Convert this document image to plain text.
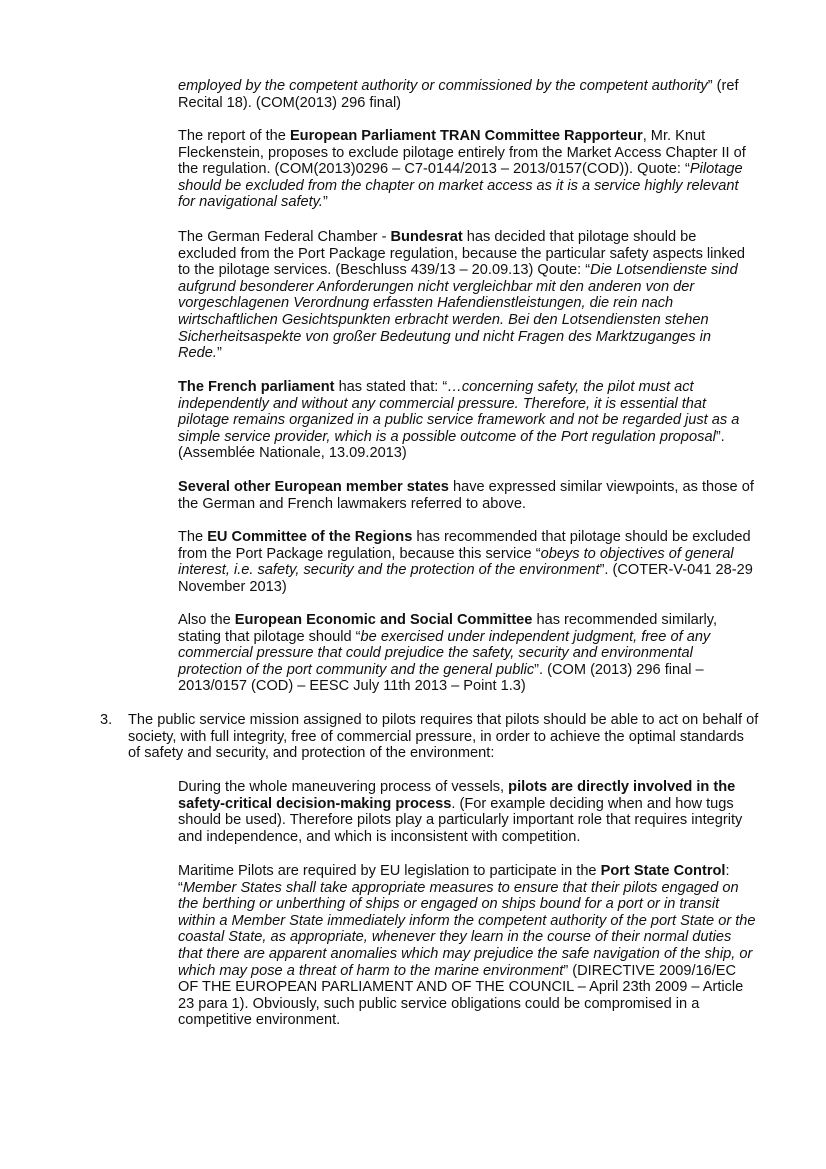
employed by the competent authority or commissioned by the competent authority” (ref Recital 18). (COM(2013) 296 final)

The report of the European Parliament TRAN Committee Rapporteur, Mr. Knut Fleckenstein, proposes to exclude pilotage entirely from the Market Access Chapter II of the regulation. (COM(2013)0296 – C7-0144/2013 – 2013/0157(COD)). Quote: “Pilotage should be excluded from the chapter on market access as it is a service highly relevant for navigational safety.”

The German Federal Chamber - Bundesrat has decided that pilotage should be excluded from the Port Package regulation, because the particular safety aspects linked to the pilotage services. (Beschluss 439/13 – 20.09.13) Qoute: “Die Lotsendienste sind aufgrund besonderer Anforderungen nicht vergleichbar mit den anderen von der vorgeschlagenen Verordnung erfassten Hafendienstleistungen, die rein nach wirtschaftlichen Gesichtspunkten erbracht werden. Bei den Lotsendiensten stehen Sicherheitsaspekte von großer Bedeutung und nicht Fragen des Marktzuganges in Rede.”

The French parliament has stated that: “…concerning safety, the pilot must act independently and without any commercial pressure. Therefore, it is essential that pilotage remains organized in a public service framework and not be regarded just as a simple service provider, which is a possible outcome of the Port regulation proposal”. (Assemblée Nationale, 13.09.2013)

Several other European member states have expressed similar viewpoints, as those of the German and French lawmakers referred to above.

The EU Committee of the Regions has recommended that pilotage should be excluded from the Port Package regulation, because this service “obeys to objectives of general interest, i.e. safety, security and the protection of the environment”. (COTER-V-041 28-29 November 2013)

Also the European Economic and Social Committee has recommended similarly, stating that pilotage should “be exercised under independent judgment, free of any commercial pressure that could prejudice the safety, security and environmental protection of the port community and the general public”. (COM (2013) 296 final – 2013/0157 (COD) – EESC July 11th 2013 – Point 1.3)

3. The public service mission assigned to pilots requires that pilots should be able to act on behalf of society, with full integrity, free of commercial pressure, in order to achieve the optimal standards of safety and security, and protection of the environment:

During the whole maneuvering process of vessels, pilots are directly involved in the safety-critical decision-making process. (For example deciding when and how tugs should be used). Therefore pilots play a particularly important role that requires integrity and independence, and which is inconsistent with competition.

Maritime Pilots are required by EU legislation to participate in the Port State Control: “Member States shall take appropriate measures to ensure that their pilots engaged on the berthing or unberthing of ships or engaged on ships bound for a port or in transit within a Member State immediately inform the competent authority of the port State or the coastal State, as appropriate, whenever they learn in the course of their normal duties that there are apparent anomalies which may prejudice the safe navigation of the ship, or which may pose a threat of harm to the marine environment” (DIRECTIVE 2009/16/EC OF THE EUROPEAN PARLIAMENT AND OF THE COUNCIL – April 23th 2009 – Article 23 para 1). Obviously, such public service obligations could be compromised in a competitive environment.
